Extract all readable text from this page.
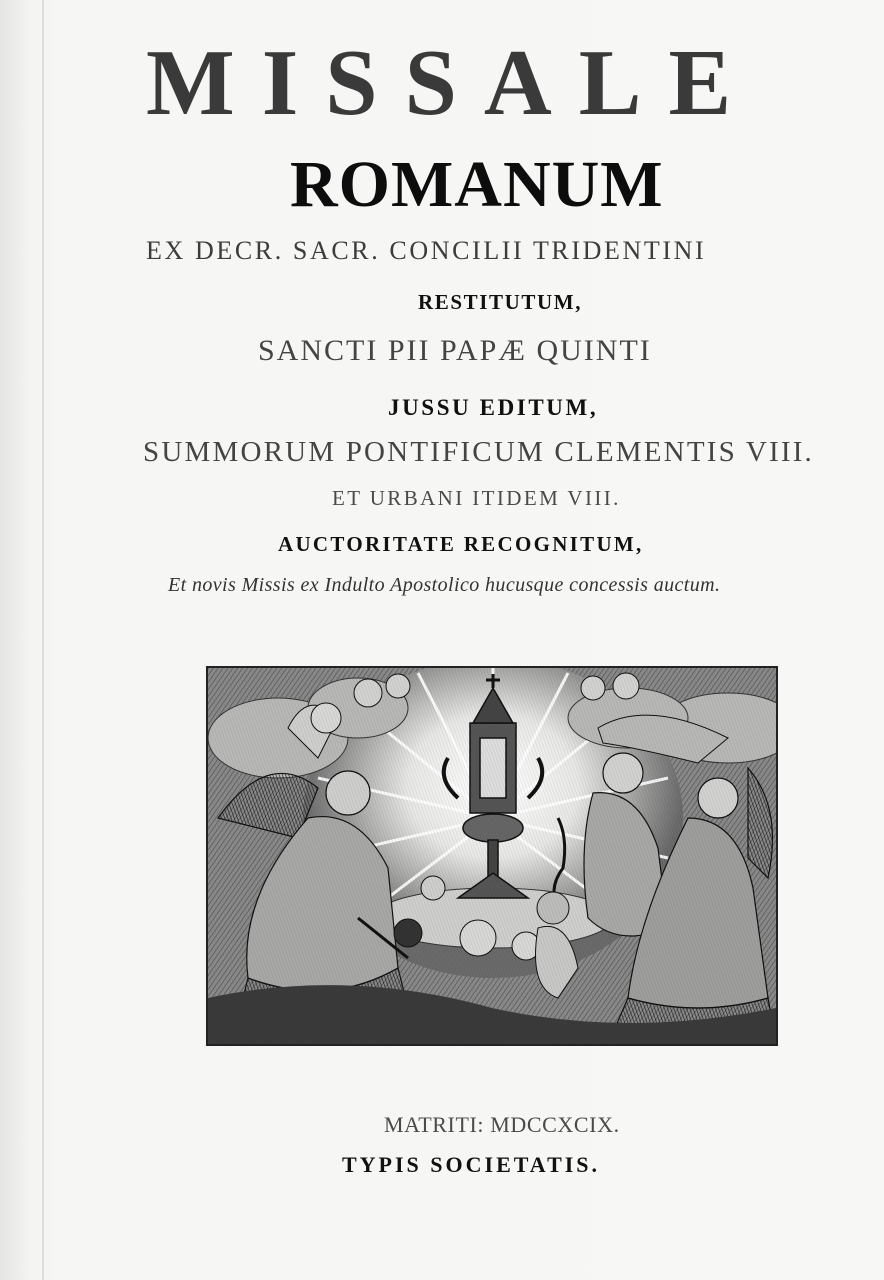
MISSALE
ROMANUM

EX DECR. SACR. CONCILII TRIDENTINI

RESTITUTUM,

SANCTI PII PAPÆ QUINTI

JUSSU EDITUM,

SUMMORUM PONTIFICUM CLEMENTIS VIII.

ET URBANI ITIDEM VIII.

AUCTORITATE RECOGNITUM,

Et novis Missis ex Indulto Apostolico hucusque concessis auctum.

MATRITI: MDCCXCIX.

TYPIS SOCIETATIS.
